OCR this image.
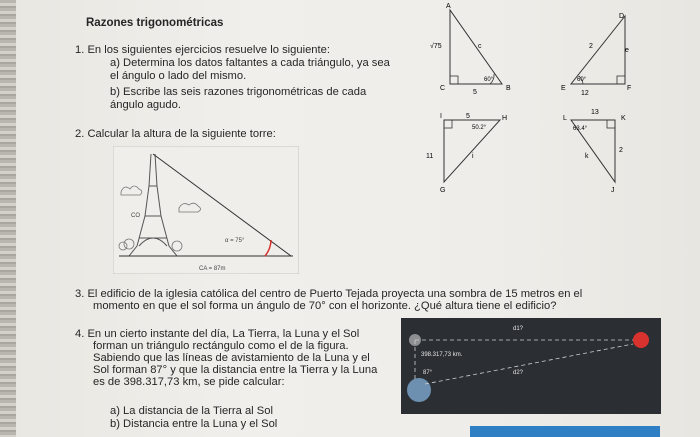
Razones trigonométricas
1. En los siguientes ejercicios resuelve lo siguiente:
a) Determina los datos faltantes a cada triángulo, ya sea
el ángulo o lado del mismo.
b) Escribe las seis razones trigonométricas de cada
ángulo agudo.
2. Calcular la altura de la siguiente torre:
CO
α = 75°
CA = 87m
A
B
C
√75	c
5
60°
D
E	F
2
e
12
60°
I	H
G
5
11	i
50.2°
L	K
J
13
2
k
63.4°
3. El edificio de la iglesia católica del centro de Puerto Tejada proyecta una sombra de 15 metros en el
momento en que el sol forma un ángulo de 70° con el horizonte. ¿Qué altura tiene el edificio?
4. En un cierto instante del día, La Tierra, la Luna y el Sol
forman un triángulo rectángulo como el de la figura.
Sabiendo que las líneas de avistamiento de la Luna y el
Sol forman 87° y que la distancia entre la Tierra y la Luna
es de 398.317,73 km, se pide calcular:
a) La distancia de la Tierra al Sol
b) Distancia entre la Luna y el Sol
d1?
398.317,73 km.
87°	d2?
